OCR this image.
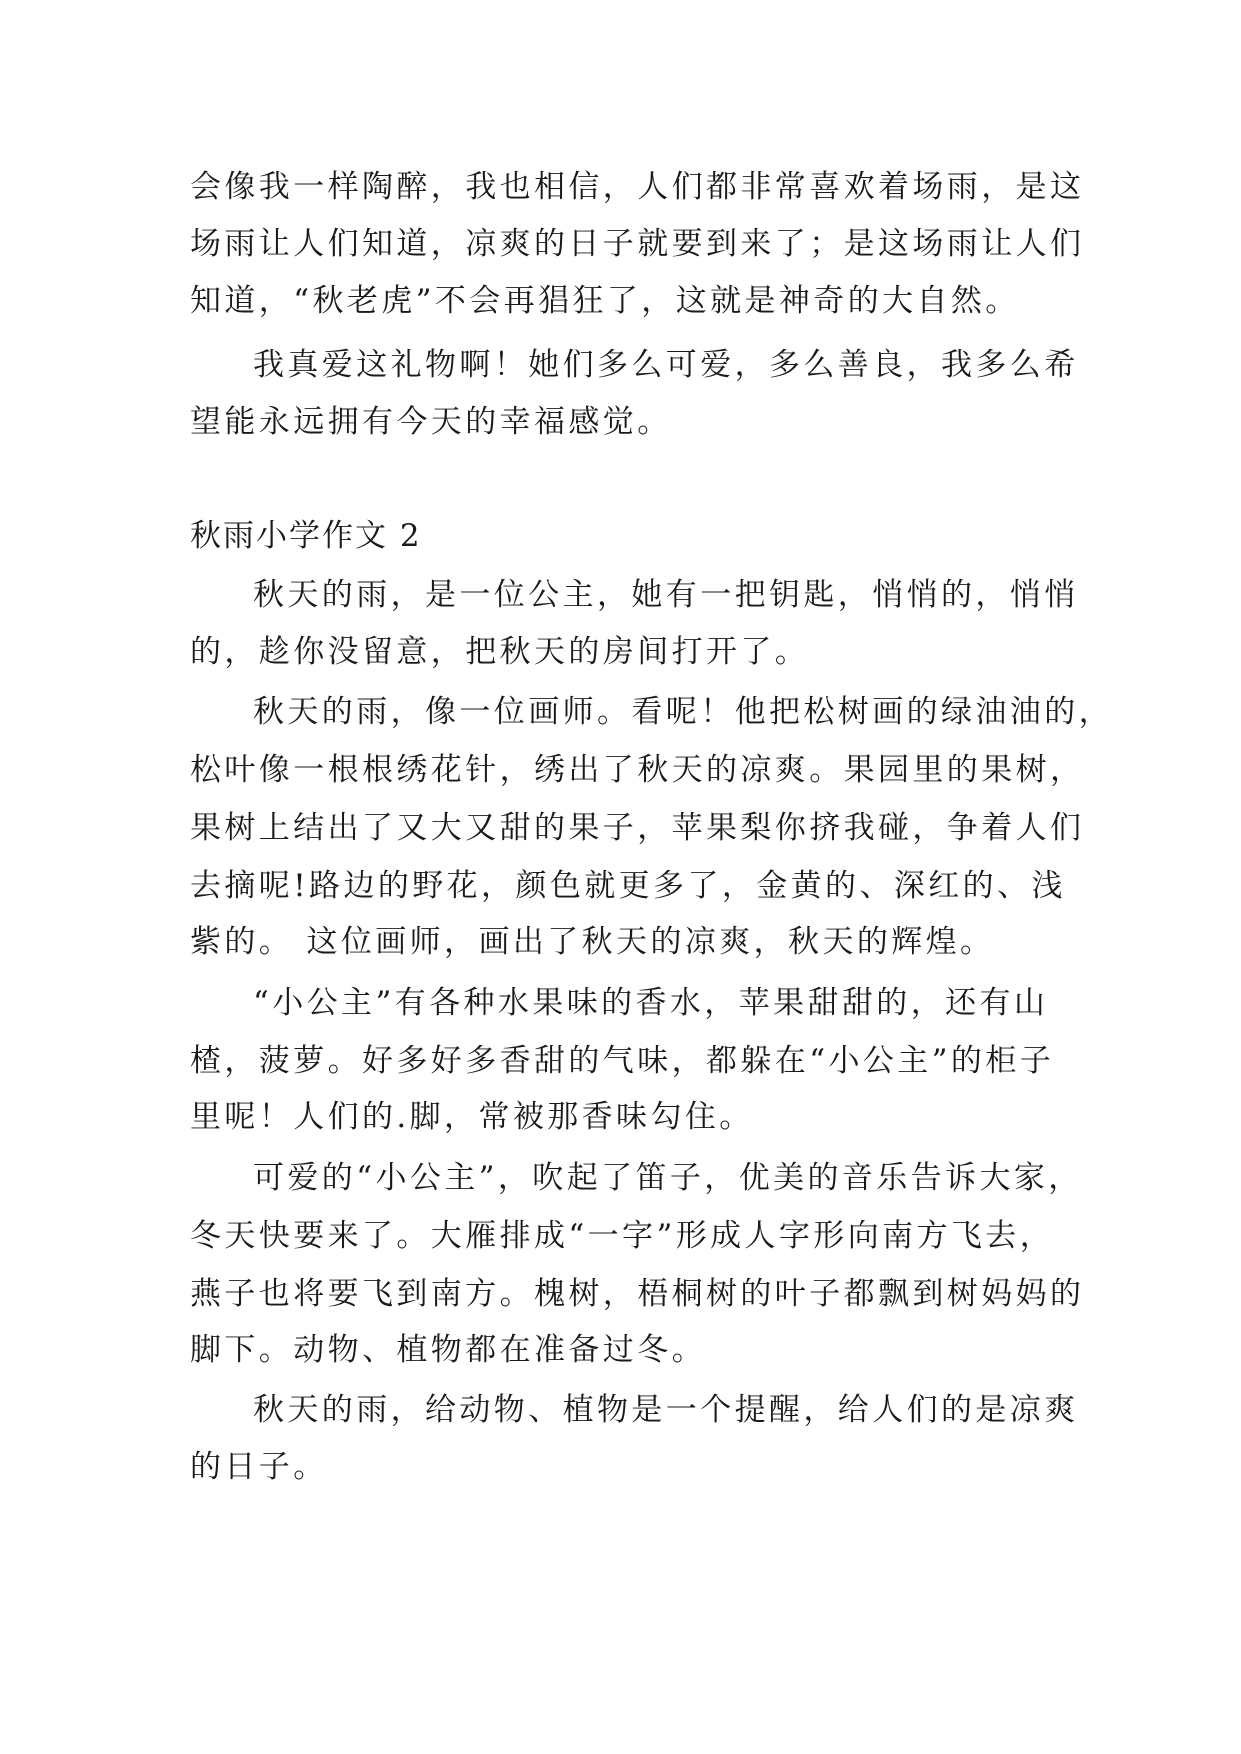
会像我一样陶醉，我也相信，人们都非常喜欢着场雨，是这

场雨让人们知道，凉爽的日子就要到来了；是这场雨让人们

知道，“秋老虎”不会再猖狂了，这就是神奇的大自然。

我真爱这礼物啊！她们多么可爱，多么善良，我多么希

望能永远拥有今天的幸福感觉。

秋雨小学作文 2

秋天的雨，是一位公主，她有一把钥匙，悄悄的，悄悄

的，趁你没留意，把秋天的房间打开了。

秋天的雨，像一位画师。看呢！他把松树画的绿油油的，

松叶像一根根绣花针，绣出了秋天的凉爽。果园里的果树，

果树上结出了又大又甜的果子，苹果梨你挤我碰，争着人们

去摘呢!路边的野花，颜色就更多了，金黄的、深红的、浅

紫的。 这位画师，画出了秋天的凉爽，秋天的辉煌。

“小公主”有各种水果味的香水，苹果甜甜的，还有山

楂，菠萝。好多好多香甜的气味，都躲在“小公主”的柜子

里呢！人们的.脚，常被那香味勾住。

可爱的“小公主”，吹起了笛子，优美的音乐告诉大家，

冬天快要来了。大雁排成“一字”形成人字形向南方飞去，

燕子也将要飞到南方。槐树，梧桐树的叶子都飘到树妈妈的

脚下。动物、植物都在准备过冬。

秋天的雨，给动物、植物是一个提醒，给人们的是凉爽

的日子。
